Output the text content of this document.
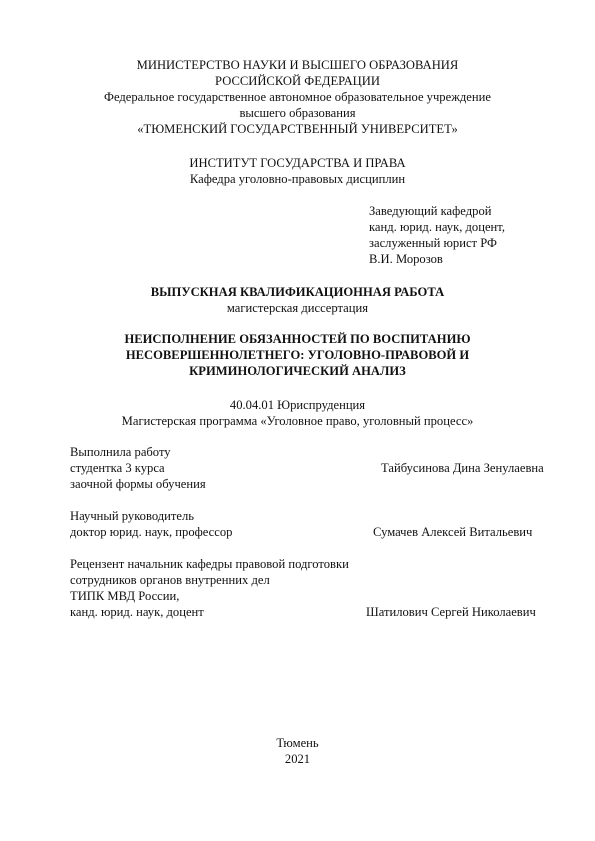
МИНИСТЕРСТВО НАУКИ И ВЫСШЕГО ОБРАЗОВАНИЯ
РОССИЙСКОЙ ФЕДЕРАЦИИ
Федеральное государственное автономное образовательное учреждение
высшего образования
«ТЮМЕНСКИЙ ГОСУДАРСТВЕННЫЙ УНИВЕРСИТЕТ»
ИНСТИТУТ ГОСУДАРСТВА И ПРАВА
Кафедра уголовно-правовых дисциплин
Заведующий кафедрой
канд. юрид. наук, доцент,
заслуженный юрист РФ
В.И. Морозов
ВЫПУСКНАЯ КВАЛИФИКАЦИОННАЯ РАБОТА
магистерская диссертация
НЕИСПОЛНЕНИЕ ОБЯЗАННОСТЕЙ ПО ВОСПИТАНИЮ
НЕСОВЕРШЕННОЛЕТНЕГО: УГОЛОВНО-ПРАВОВОЙ И
КРИМИНОЛОГИЧЕСКИЙ АНАЛИЗ
40.04.01 Юриспруденция
Магистерская программа «Уголовное право, уголовный процесс»
Выполнила работу
студентка 3 курса	Тайбусинова Дина Зенулаевна
заочной формы обучения
Научный руководитель
доктор юрид. наук, профессор	Сумачев Алексей Витальевич
Рецензент начальник кафедры правовой подготовки
сотрудников органов внутренних дел
ТИПК МВД России,
канд. юрид. наук, доцент	Шатилович Сергей Николаевич
Тюмень
2021
